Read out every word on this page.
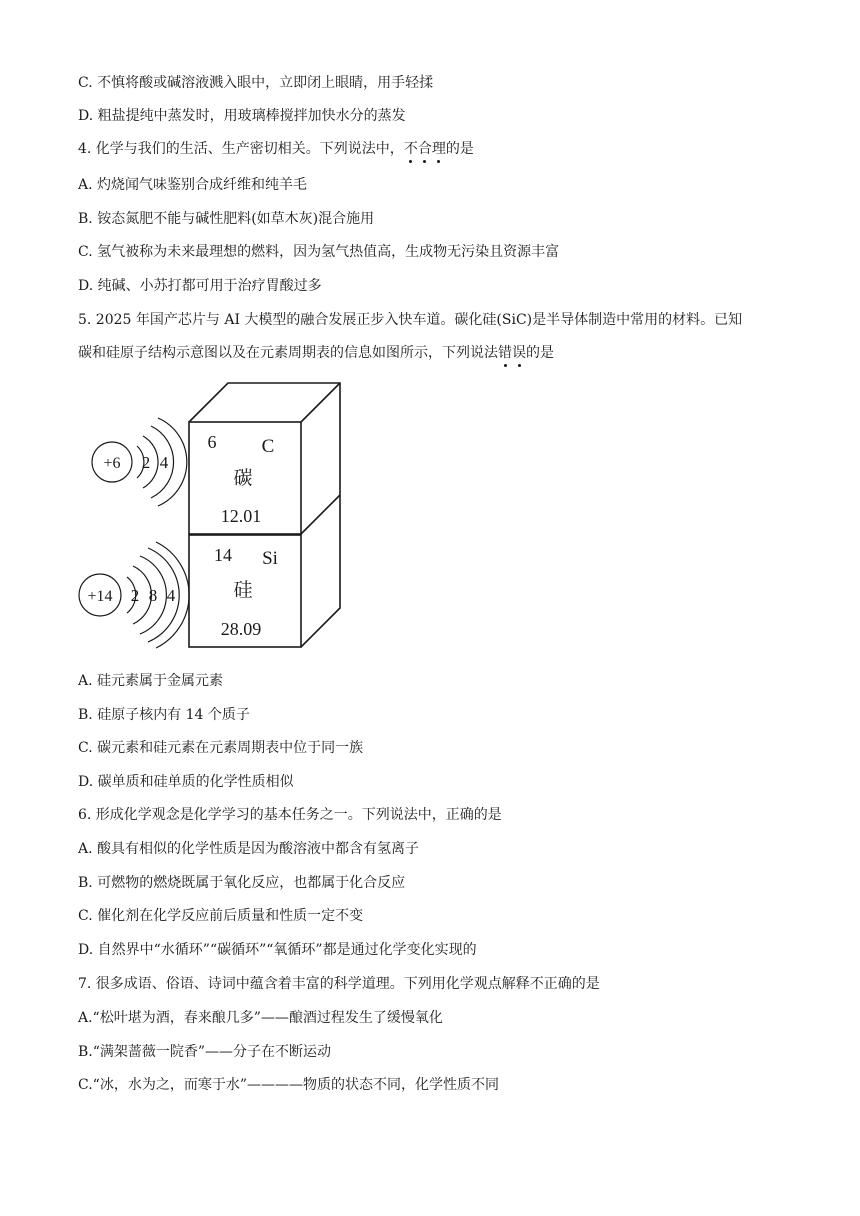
C. 不慎将酸或碱溶液溅入眼中，立即闭上眼睛，用手轻揉
D. 粗盐提纯中蒸发时，用玻璃棒搅拌加快水分的蒸发
4. 化学与我们的生活、生产密切相关。下列说法中，不合理的是
A. 灼烧闻气味鉴别合成纤维和纯羊毛
B. 铵态氮肥不能与碱性肥料(如草木灰)混合施用
C. 氢气被称为未来最理想的燃料，因为氢气热值高，生成物无污染且资源丰富
D. 纯碱、小苏打都可用于治疗胃酸过多
5. 2025 年国产芯片与 AI 大模型的融合发展正步入快车道。碳化硅(SiC)是半导体制造中常用的材料。已知
碳和硅原子结构示意图以及在元素周期表的信息如图所示，下列说法错误的是
+6 2 4
+14 2 8 4
6 C
碳
12.01
14 Si
硅
28.09
A. 硅元素属于金属元素
B. 硅原子核内有 14 个质子
C. 碳元素和硅元素在元素周期表中位于同一族
D. 碳单质和硅单质的化学性质相似
6. 形成化学观念是化学学习的基本任务之一。下列说法中，正确的是
A. 酸具有相似的化学性质是因为酸溶液中都含有氢离子
B. 可燃物的燃烧既属于氧化反应，也都属于化合反应
C. 催化剂在化学反应前后质量和性质一定不变
D. 自然界中“水循环”“碳循环”“氧循环”都是通过化学变化实现的
7. 很多成语、俗语、诗词中蕴含着丰富的科学道理。下列用化学观点解释不正确的是
A.“松叶堪为酒，春来酿几多”——酿酒过程发生了缓慢氧化
B.“满架蔷薇一院香”——分子在不断运动
C.“冰，水为之，而寒于水”————物质的状态不同，化学性质不同
